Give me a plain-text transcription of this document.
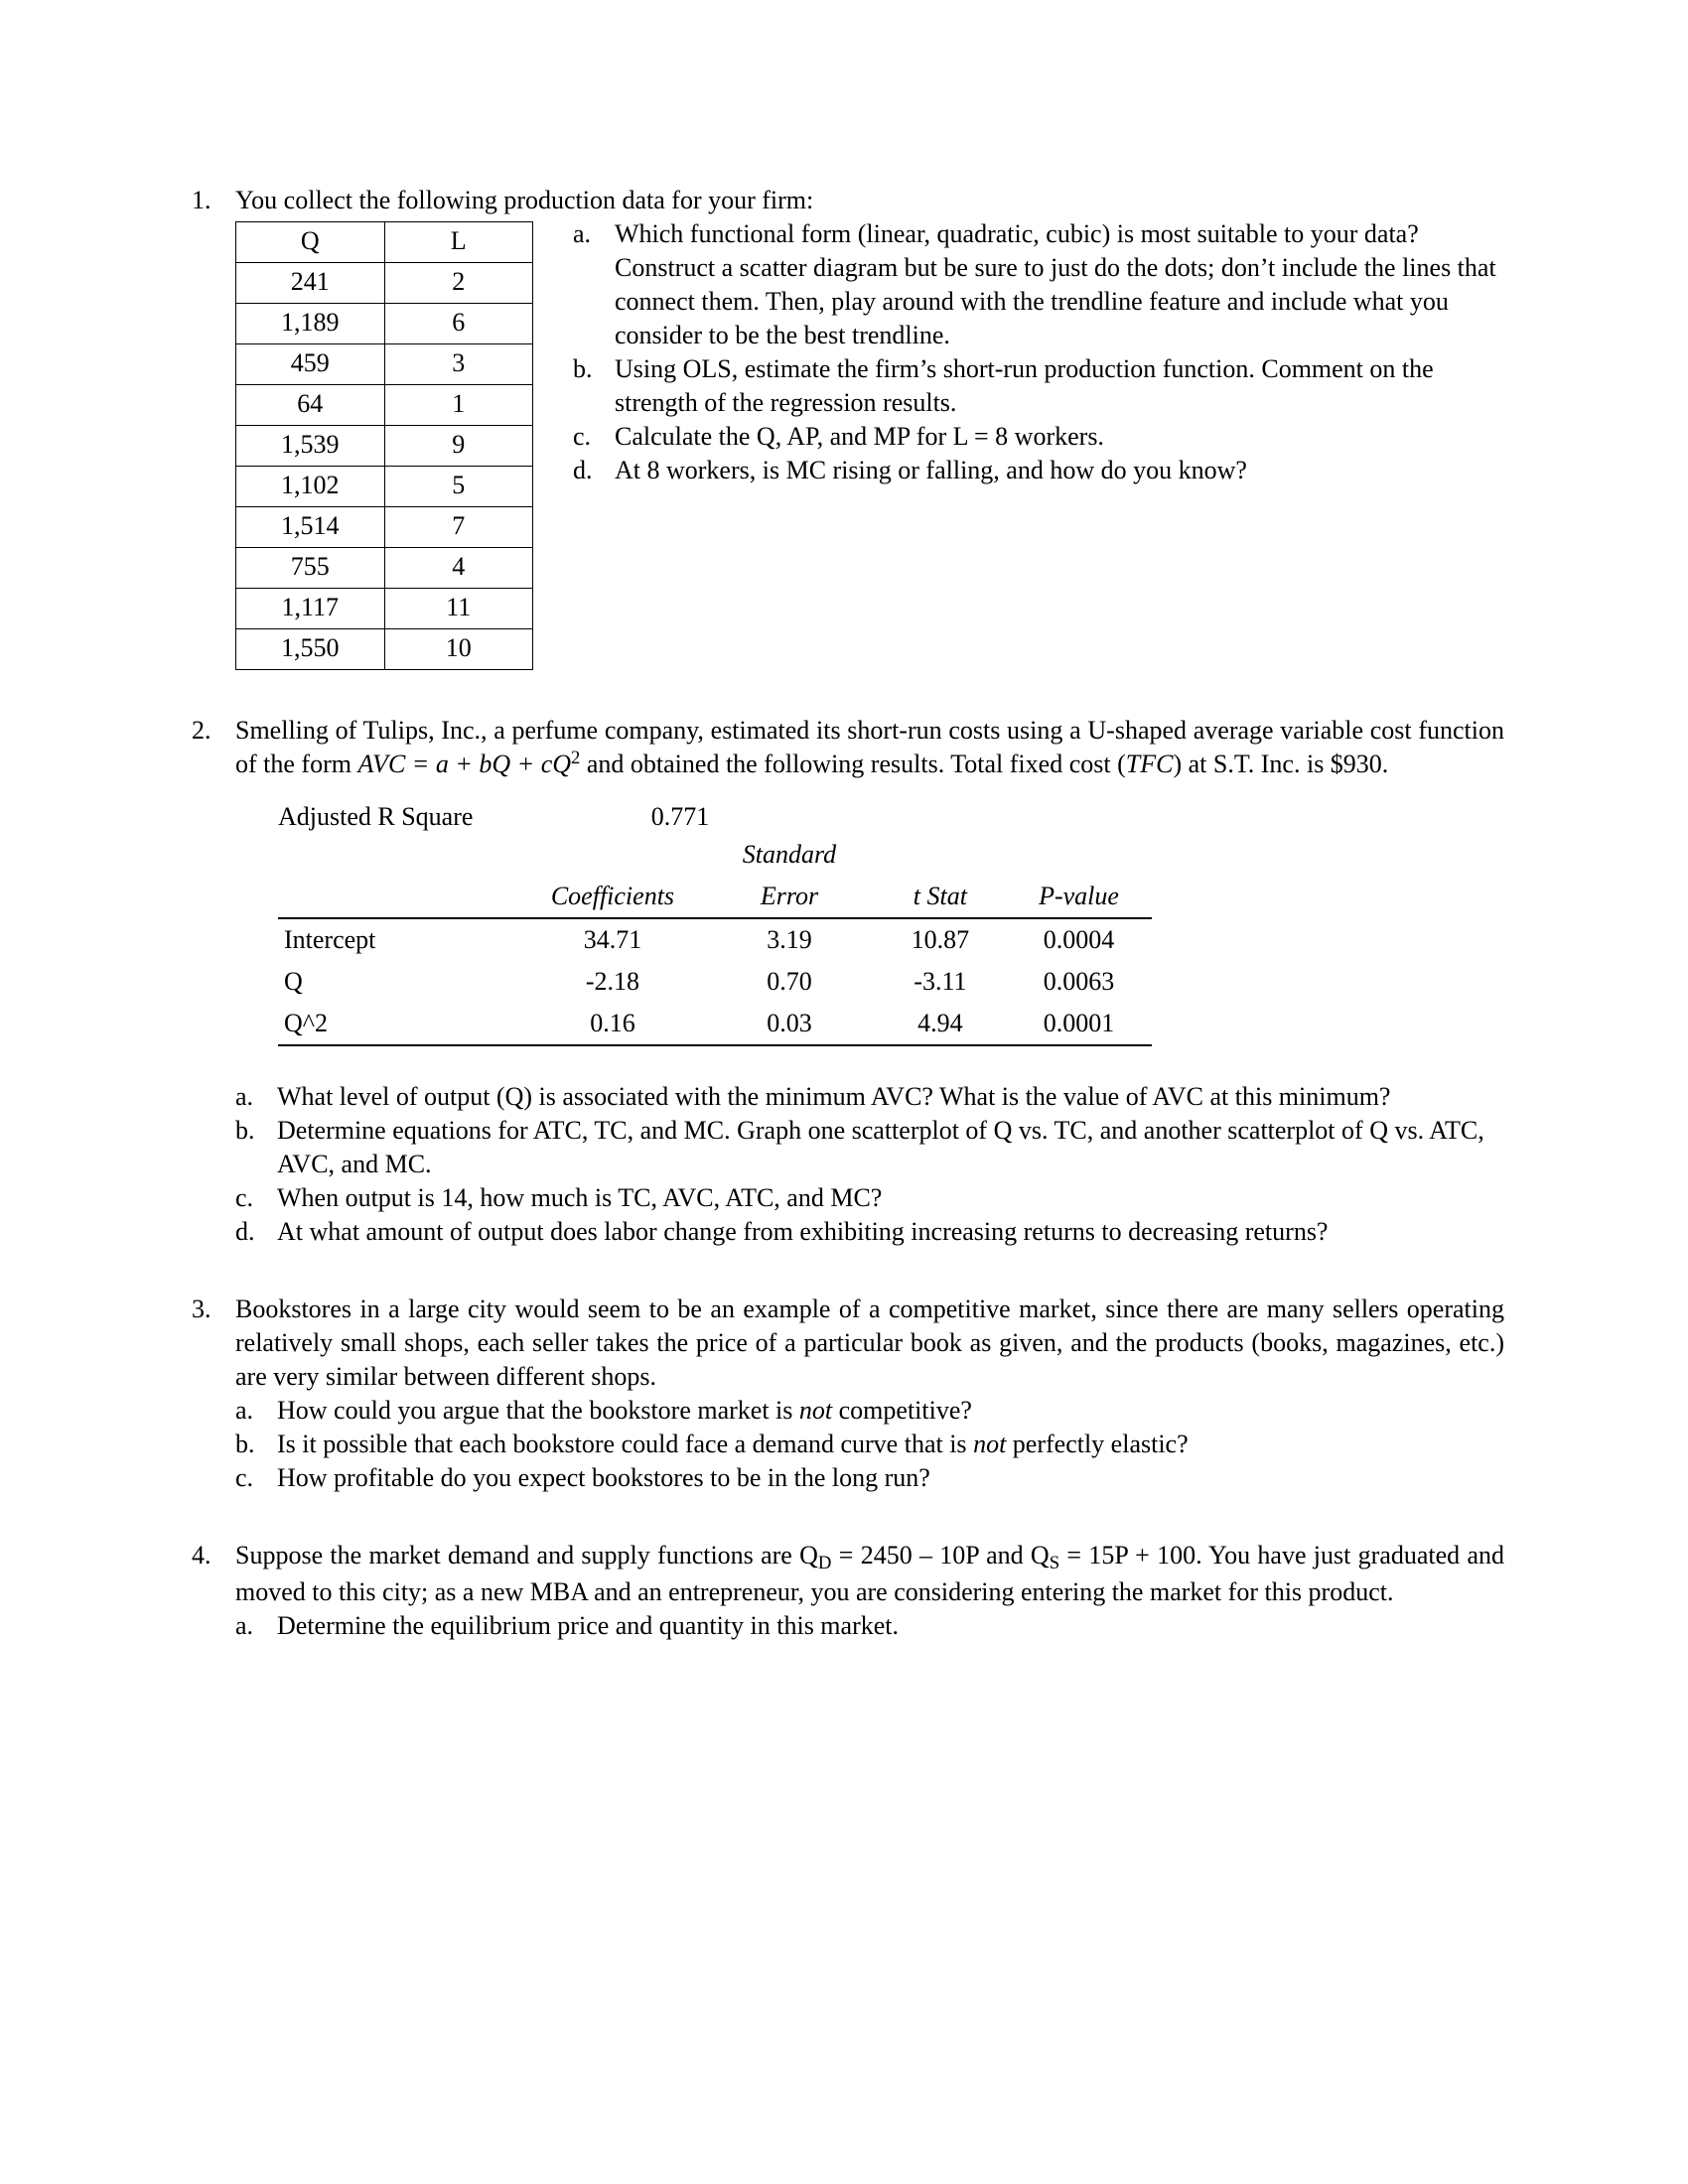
1. You collect the following production data for your firm:
Q	L
241	2
1,189	6
459	3
64	1
1,539	9
1,102	5
1,514	7
755	4
1,117	11
1,550	10
a. Which functional form (linear, quadratic, cubic) is most suitable to your data? Construct a scatter diagram but be sure to just do the dots; don’t include the lines that connect them. Then, play around with the trendline feature and include what you consider to be the best trendline.
b. Using OLS, estimate the firm’s short-run production function. Comment on the strength of the regression results.
c. Calculate the Q, AP, and MP for L = 8 workers.
d. At 8 workers, is MC rising or falling, and how do you know?
2. Smelling of Tulips, Inc., a perfume company, estimated its short-run costs using a U-shaped average variable cost function of the form AVC = a + bQ + $cQ^2$ and obtained the following results. Total fixed cost (TFC) at S.T. Inc. is $930.
Adjusted R Square	0.771
		Standard		
	Coefficients	Error	t Stat	P-value
Intercept	34.71	3.19	10.87	0.0004
Q	-2.18	0.70	-3.11	0.0063
Q^2	0.16	0.03	4.94	0.0001
a. What level of output (Q) is associated with the minimum AVC? What is the value of AVC at this minimum?
b. Determine equations for ATC, TC, and MC. Graph one scatterplot of Q vs. TC, and another scatterplot of Q vs. ATC, AVC, and MC.
c. When output is 14, how much is TC, AVC, ATC, and MC?
d. At what amount of output does labor change from exhibiting increasing returns to decreasing returns?
3. Bookstores in a large city would seem to be an example of a competitive market, since there are many sellers operating relatively small shops, each seller takes the price of a particular book as given, and the products (books, magazines, etc.) are very similar between different shops.
a. How could you argue that the bookstore market is not competitive?
b. Is it possible that each bookstore could face a demand curve that is not perfectly elastic?
c. How profitable do you expect bookstores to be in the long run?
4. Suppose the market demand and supply functions are $Q_D = 2450 - 10P$ and $Q_S = 15P + 100$. You have just graduated and moved to this city; as a new MBA and an entrepreneur, you are considering entering the market for this product.
a. Determine the equilibrium price and quantity in this market.
